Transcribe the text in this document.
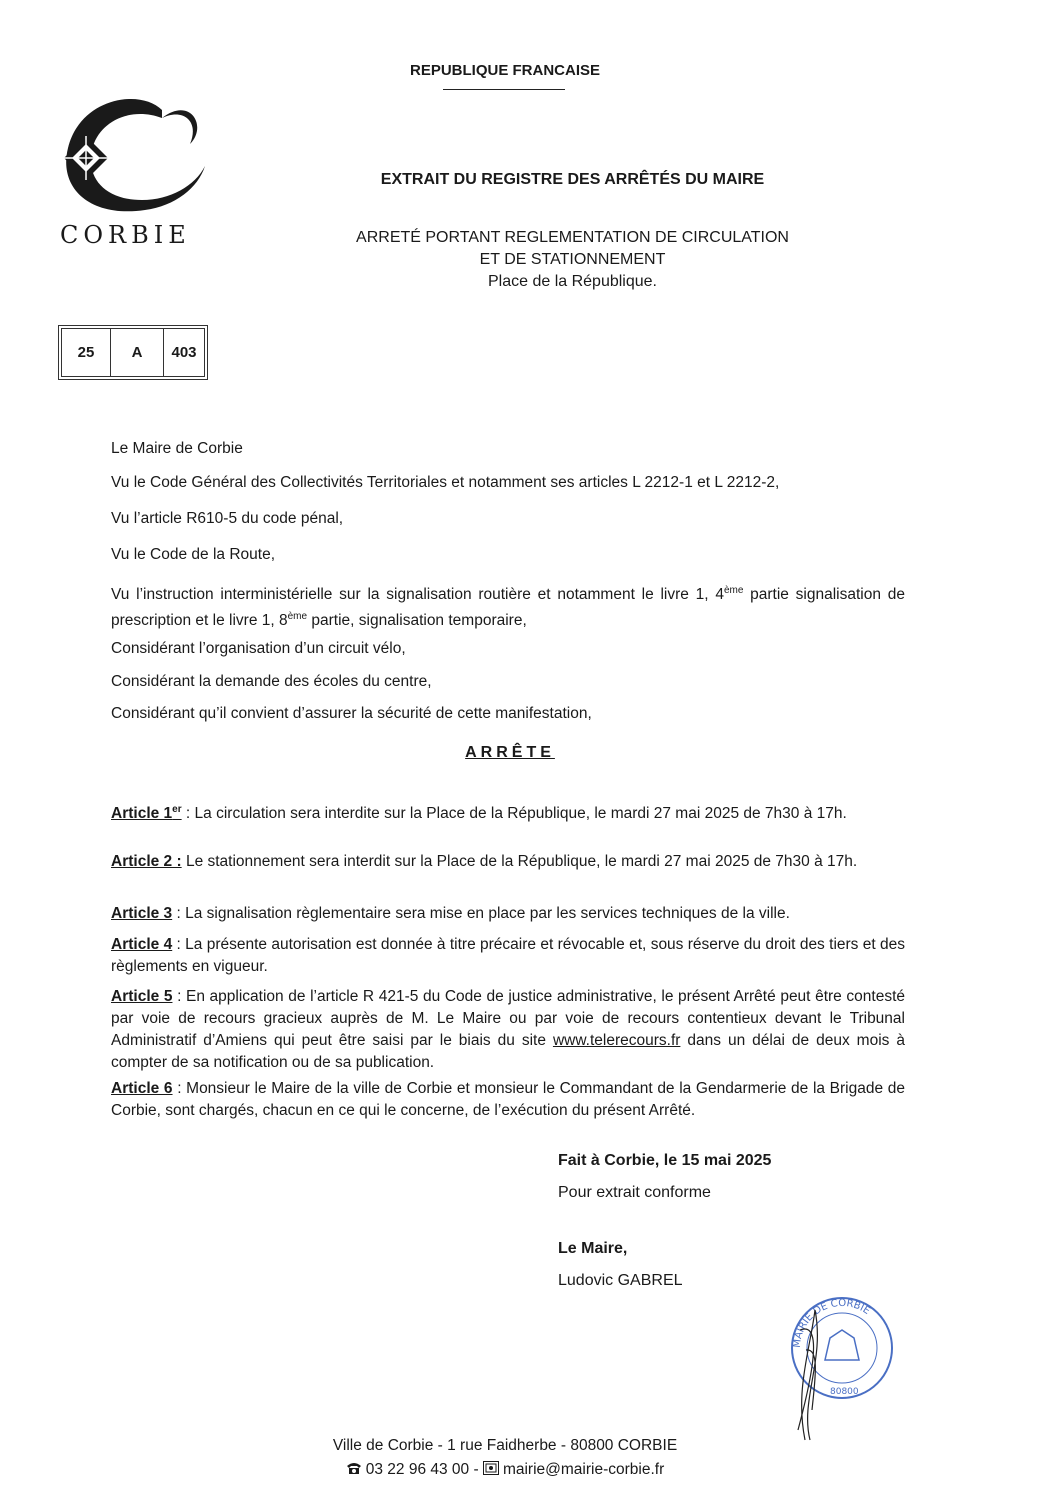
REPUBLIQUE FRANCAISE
CORBIE
EXTRAIT DU REGISTRE DES ARRÊTÉS DU MAIRE
ARRETÉ PORTANT REGLEMENTATION DE CIRCULATION
ET DE STATIONNEMENT
Place de la République.
25	A	403
Le Maire de Corbie
Vu le Code Général des Collectivités Territoriales et notamment ses articles L 2212-1 et L 2212-2,
Vu l’article R610-5 du code pénal,
Vu le Code de la Route,
Vu l’instruction interministérielle sur la signalisation routière et notamment le livre 1, 4ème partie signalisation de prescription et le livre 1, 8ème partie, signalisation temporaire,
Considérant l’organisation d’un circuit vélo,
Considérant la demande des écoles du centre,
Considérant qu’il convient d’assurer la sécurité de cette manifestation,
ARRÊTE
Article 1er : La circulation sera interdite sur la Place de la République, le mardi 27 mai 2025 de 7h30 à 17h.
Article 2 : Le stationnement sera interdit sur la Place de la République, le mardi 27 mai 2025 de 7h30 à 17h.
Article 3 : La signalisation règlementaire sera mise en place par les services techniques de la ville.
Article 4 : La présente autorisation est donnée à titre précaire et révocable et, sous réserve du droit des tiers et des règlements en vigueur.
Article 5 : En application de l’article R 421-5 du Code de justice administrative, le présent Arrêté peut être contesté par voie de recours gracieux auprès de M. Le Maire ou par voie de recours contentieux devant le Tribunal Administratif d’Amiens qui peut être saisi par le biais du site www.telerecours.fr dans un délai de deux mois à compter de sa notification ou de sa publication.
Article 6 : Monsieur le Maire de la ville de Corbie et monsieur le Commandant de la Gendarmerie de la Brigade de Corbie, sont chargés, chacun en ce qui le concerne, de l’exécution du présent Arrêté.
Fait à Corbie, le 15 mai 2025
Pour extrait conforme
Le Maire,
Ludovic GABREL
MAIRIE DE CORBIE
80800
Ville de Corbie - 1 rue Faidherbe - 80800 CORBIE
03 22 96 43 00 - mairie@mairie-corbie.fr
